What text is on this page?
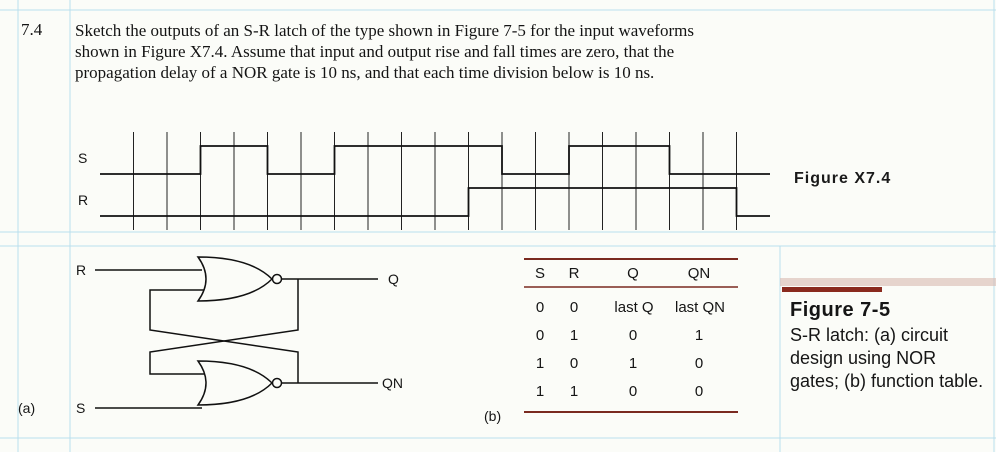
7.4 Sketch the outputs of an S-R latch of the type shown in Figure 7-5 for the input waveforms shown in Figure X7.4. Assume that input and output rise and fall times are zero, that the propagation delay of a NOR gate is 10 ns, and that each time division below is 10 ns.
S
R
Figure X7.4
R
S
Q
QN
(a)
S	R	Q	QN
0	0	last Q	last QN
0	1	0	1
1	0	1	0
1	1	0	0
(b)
Figure 7-5
S-R latch: (a) circuit design using NOR gates; (b) function table.
